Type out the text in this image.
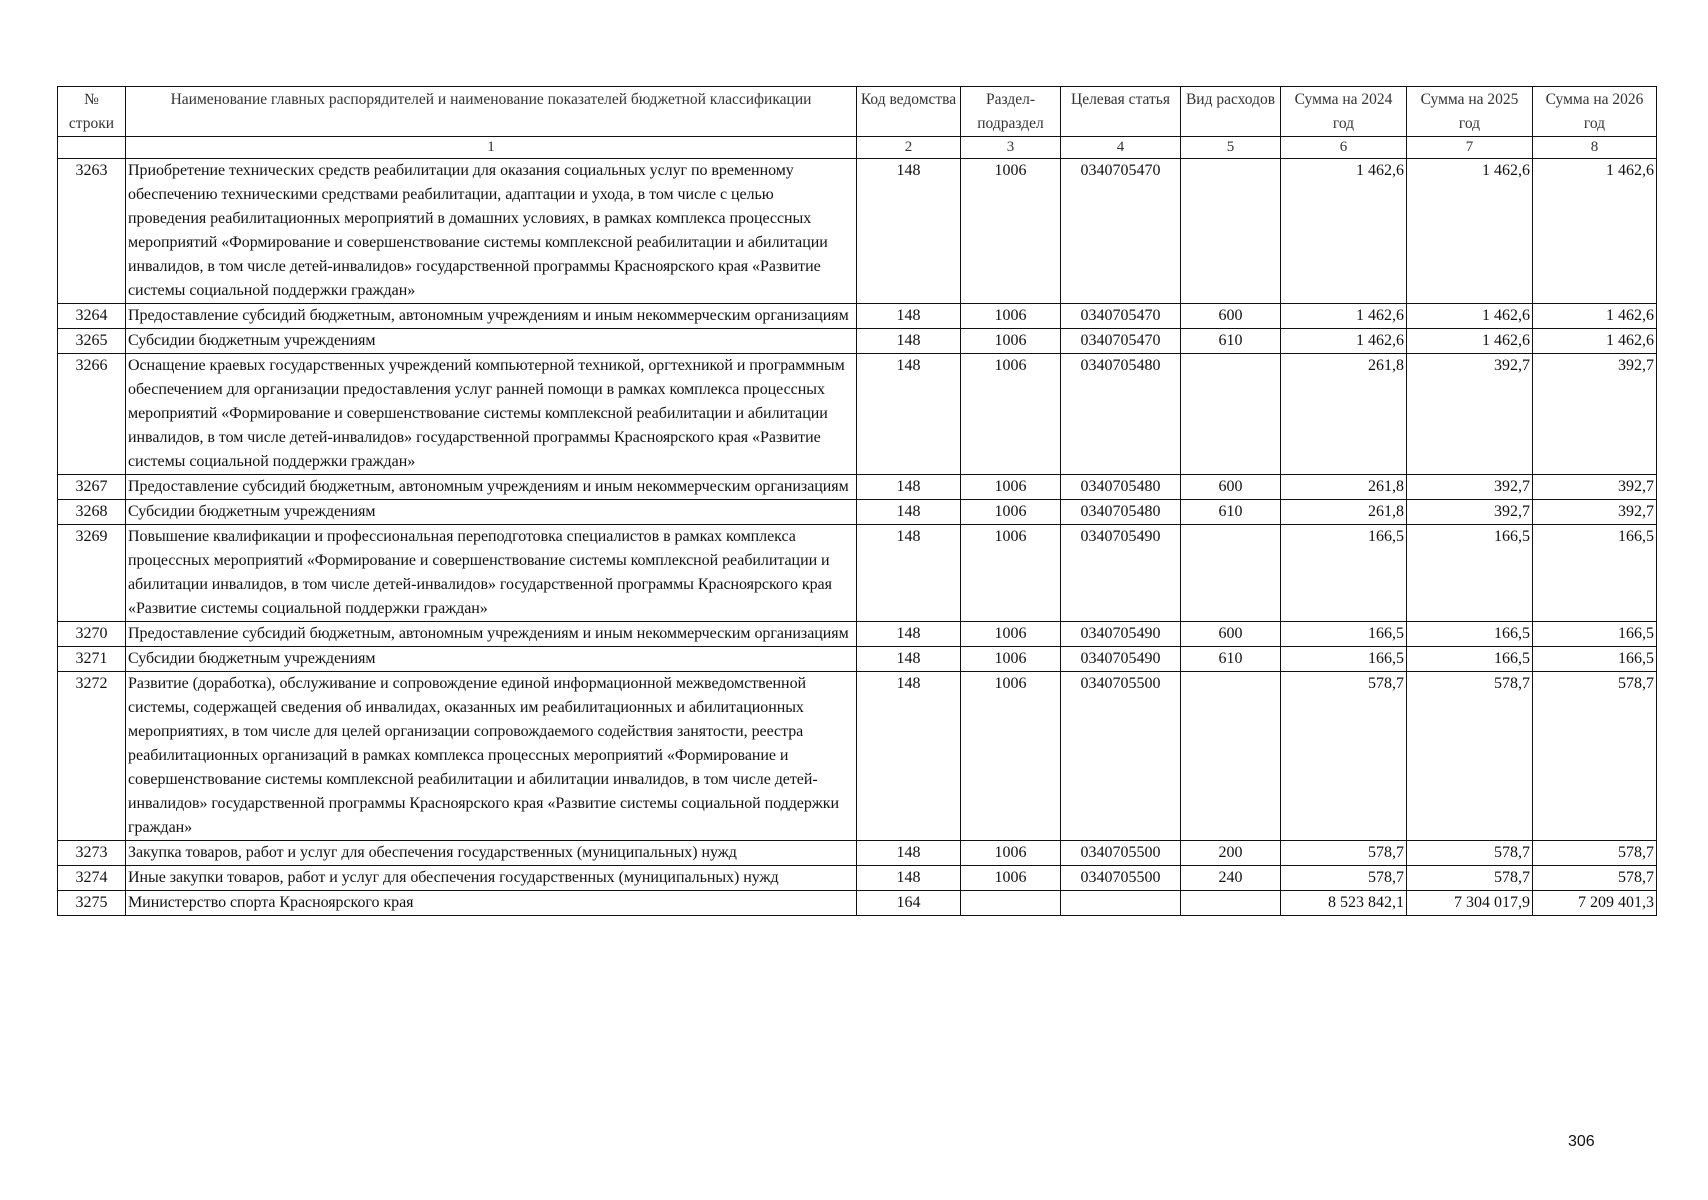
№ строки	Наименование главных распорядителей и наименование показателей бюджетной классификации	Код ведомства	Раздел-подраздел	Целевая статья	Вид расходов	Сумма на 2024 год	Сумма на 2025 год	Сумма на 2026 год
	1	2	3	4	5	6	7	8
3263	Приобретение технических средств реабилитации для оказания социальных услуг по временному обеспечению техническими средствами реабилитации, адаптации и ухода, в том числе с целью проведения реабилитационных мероприятий в домашних условиях, в рамках комплекса процессных мероприятий «Формирование и совершенствование системы комплексной реабилитации и абилитации инвалидов, в том числе детей-инвалидов» государственной программы Красноярского края «Развитие системы социальной поддержки граждан»	148	1006	0340705470		1 462,6	1 462,6	1 462,6
3264	Предоставление субсидий бюджетным, автономным учреждениям и иным некоммерческим организациям	148	1006	0340705470	600	1 462,6	1 462,6	1 462,6
3265	Субсидии бюджетным учреждениям	148	1006	0340705470	610	1 462,6	1 462,6	1 462,6
3266	Оснащение краевых государственных учреждений компьютерной техникой, оргтехникой и программным обеспечением для организации предоставления услуг ранней помощи в рамках комплекса процессных мероприятий «Формирование и совершенствование системы комплексной реабилитации и абилитации инвалидов, в том числе детей-инвалидов» государственной программы Красноярского края «Развитие системы социальной поддержки граждан»	148	1006	0340705480		261,8	392,7	392,7
3267	Предоставление субсидий бюджетным, автономным учреждениям и иным некоммерческим организациям	148	1006	0340705480	600	261,8	392,7	392,7
3268	Субсидии бюджетным учреждениям	148	1006	0340705480	610	261,8	392,7	392,7
3269	Повышение квалификации и профессиональная переподготовка специалистов в рамках комплекса процессных мероприятий «Формирование и совершенствование системы комплексной реабилитации и абилитации инвалидов, в том числе детей-инвалидов» государственной программы Красноярского края «Развитие системы социальной поддержки граждан»	148	1006	0340705490		166,5	166,5	166,5
3270	Предоставление субсидий бюджетным, автономным учреждениям и иным некоммерческим организациям	148	1006	0340705490	600	166,5	166,5	166,5
3271	Субсидии бюджетным учреждениям	148	1006	0340705490	610	166,5	166,5	166,5
3272	Развитие (доработка), обслуживание и сопровождение единой информационной межведомственной системы, содержащей сведения об инвалидах, оказанных им реабилитационных и абилитационных мероприятиях, в том числе для целей организации сопровождаемого содействия занятости, реестра реабилитационных организаций в рамках комплекса процессных мероприятий «Формирование и совершенствование системы комплексной реабилитации и абилитации инвалидов, в том числе детей-инвалидов» государственной программы Красноярского края «Развитие системы социальной поддержки граждан»	148	1006	0340705500		578,7	578,7	578,7
3273	Закупка товаров, работ и услуг для обеспечения государственных (муниципальных) нужд	148	1006	0340705500	200	578,7	578,7	578,7
3274	Иные закупки товаров, работ и услуг для обеспечения государственных (муниципальных) нужд	148	1006	0340705500	240	578,7	578,7	578,7
3275	Министерство спорта Красноярского края	164				8 523 842,1	7 304 017,9	7 209 401,3
306
